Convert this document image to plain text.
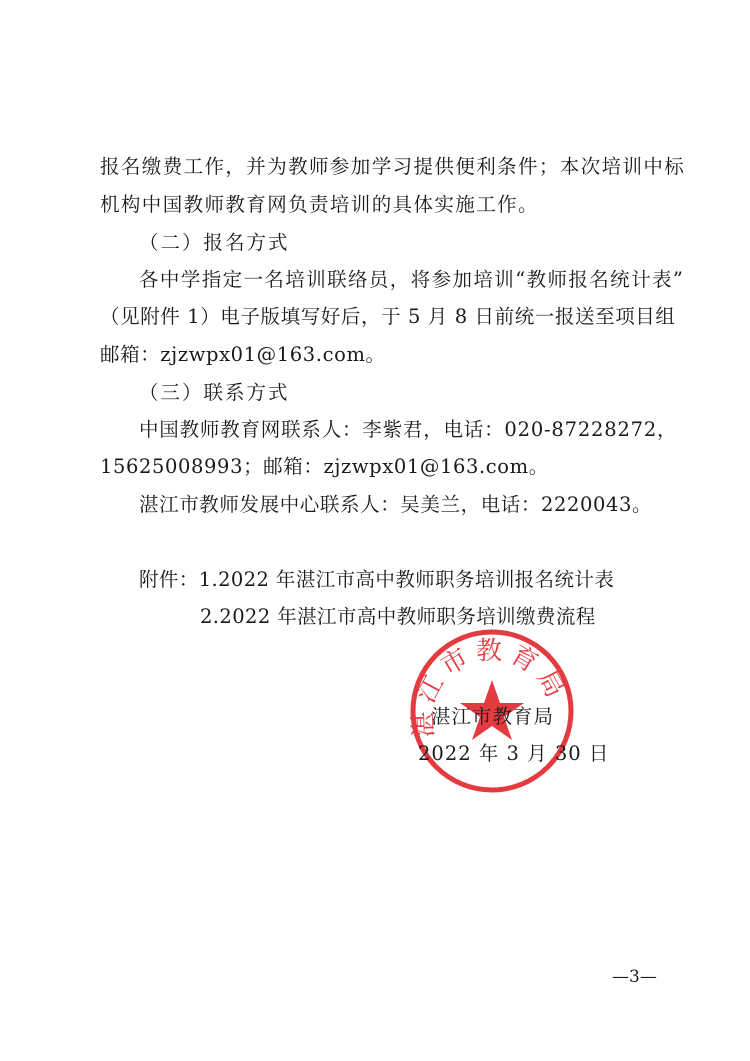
报名缴费工作，并为教师参加学习提供便利条件；本次培训中标
机构中国教师教育网负责培训的具体实施工作。
（二）报名方式
各中学指定一名培训联络员，将参加培训“教师报名统计表”
（见附件 1）电子版填写好后，于 5 月 8 日前统一报送至项目组
邮箱：zjzwpx01@163.com。
（三）联系方式
中国教师教育网联系人：李紫君，电话：020-87228272，
15625008993；邮箱：zjzwpx01@163.com。
湛江市教师发展中心联系人：吴美兰，电话：2220043。
附件：1.2022 年湛江市高中教师职务培训报名统计表
2.2022 年湛江市高中教师职务培训缴费流程
湛江市教育局
湛江市教育局
2022 年 3 月 30 日
—3—
